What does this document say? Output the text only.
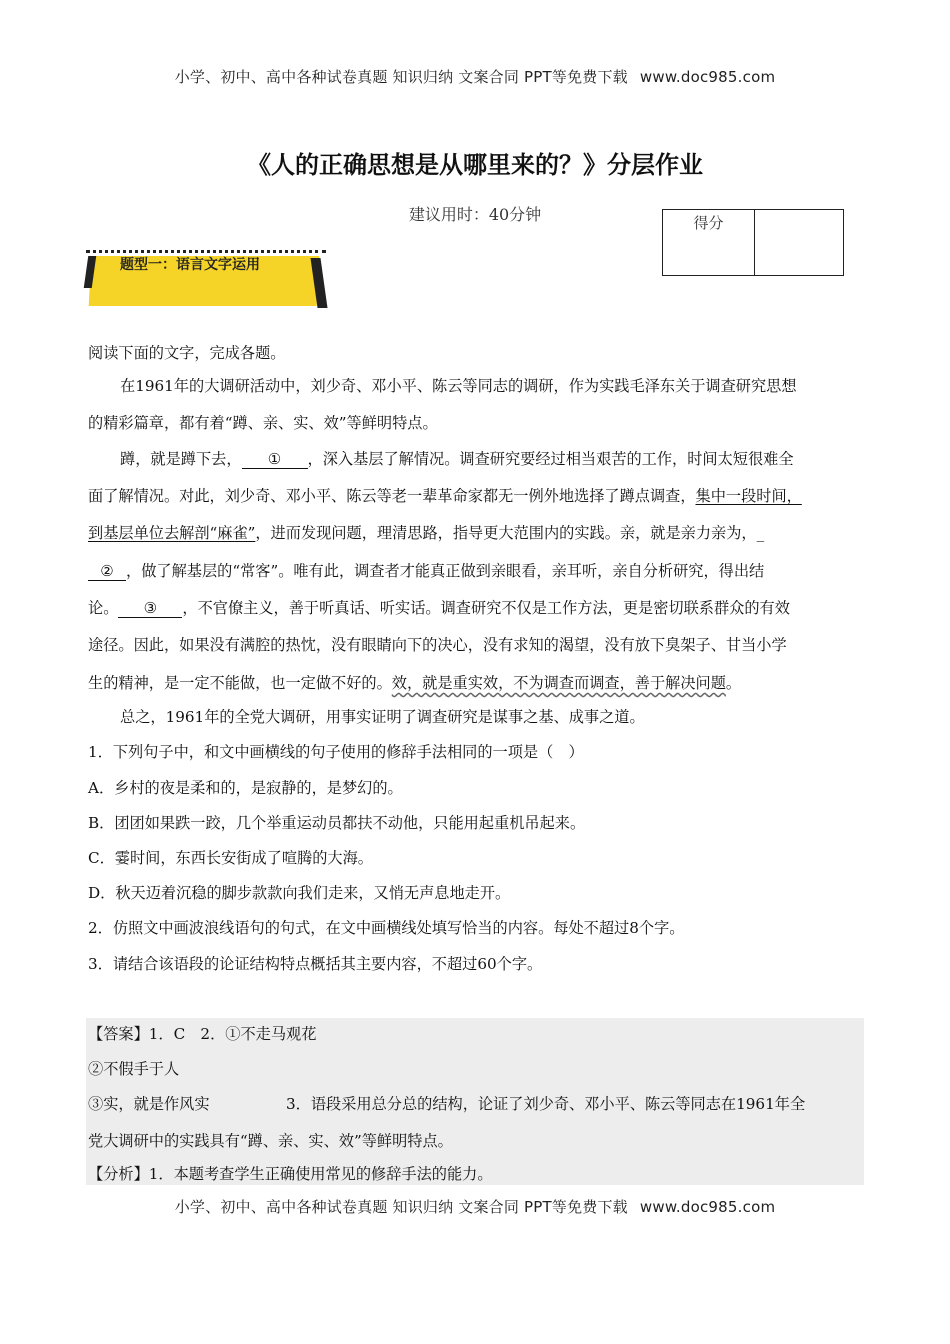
小学、初中、高中各种试卷真题 知识归纳 文案合同 PPT等免费下载 www.doc985.com
《人的正确思想是从哪里来的？》分层作业
建议用时：40分钟	得分
题型一：语言文字运用

阅读下面的文字，完成各题。

在1961年的大调研活动中，刘少奇、邓小平、陈云等同志的调研，作为实践毛泽东关于调查研究思想

的精彩篇章，都有着“蹲、亲、实、效”等鲜明特点。

蹲，就是蹲下去， ① ，深入基层了解情况。调查研究要经过相当艰苦的工作，时间太短很难全

面了解情况。对此，刘少奇、邓小平、陈云等老一辈革命家都无一例外地选择了蹲点调查，集中一段时间，

到基层单位去解剖“麻雀”，进而发现问题，理清思路，指导更大范围内的实践。亲，就是亲力亲为，_

② ，做了解基层的“常客”。唯有此，调查者才能真正做到亲眼看，亲耳听，亲自分析研究，得出结

论。 ③ ，不官僚主义，善于听真话、听实话。调查研究不仅是工作方法，更是密切联系群众的有效

途径。因此，如果没有满腔的热忱，没有眼睛向下的决心，没有求知的渴望，没有放下臭架子、甘当小学

生的精神，是一定不能做，也一定做不好的。效，就是重实效，不为调查而调查，善于解决问题。

总之，1961年的全党大调研，用事实证明了调查研究是谋事之基、成事之道。

1．下列句子中，和文中画横线的句子使用的修辞手法相同的一项是（　）

A．乡村的夜是柔和的，是寂静的，是梦幻的。

B．团团如果跌一跤，几个举重运动员都扶不动他，只能用起重机吊起来。

C．霎时间，东西长安街成了喧腾的大海。

D．秋天迈着沉稳的脚步款款向我们走来，又悄无声息地走开。

2．仿照文中画波浪线语句的句式，在文中画横线处填写恰当的内容。每处不超过8个字。

3．请结合该语段的论证结构特点概括其主要内容，不超过60个字。

【答案】1．C　2．①不走马观花

②不假手于人

③实，就是作风实	3．语段采用总分总的结构，论证了刘少奇、邓小平、陈云等同志在1961年全

党大调研中的实践具有“蹲、亲、实、效”等鲜明特点。

【分析】1．本题考查学生正确使用常见的修辞手法的能力。

小学、初中、高中各种试卷真题 知识归纳 文案合同 PPT等免费下载 www.doc985.com
